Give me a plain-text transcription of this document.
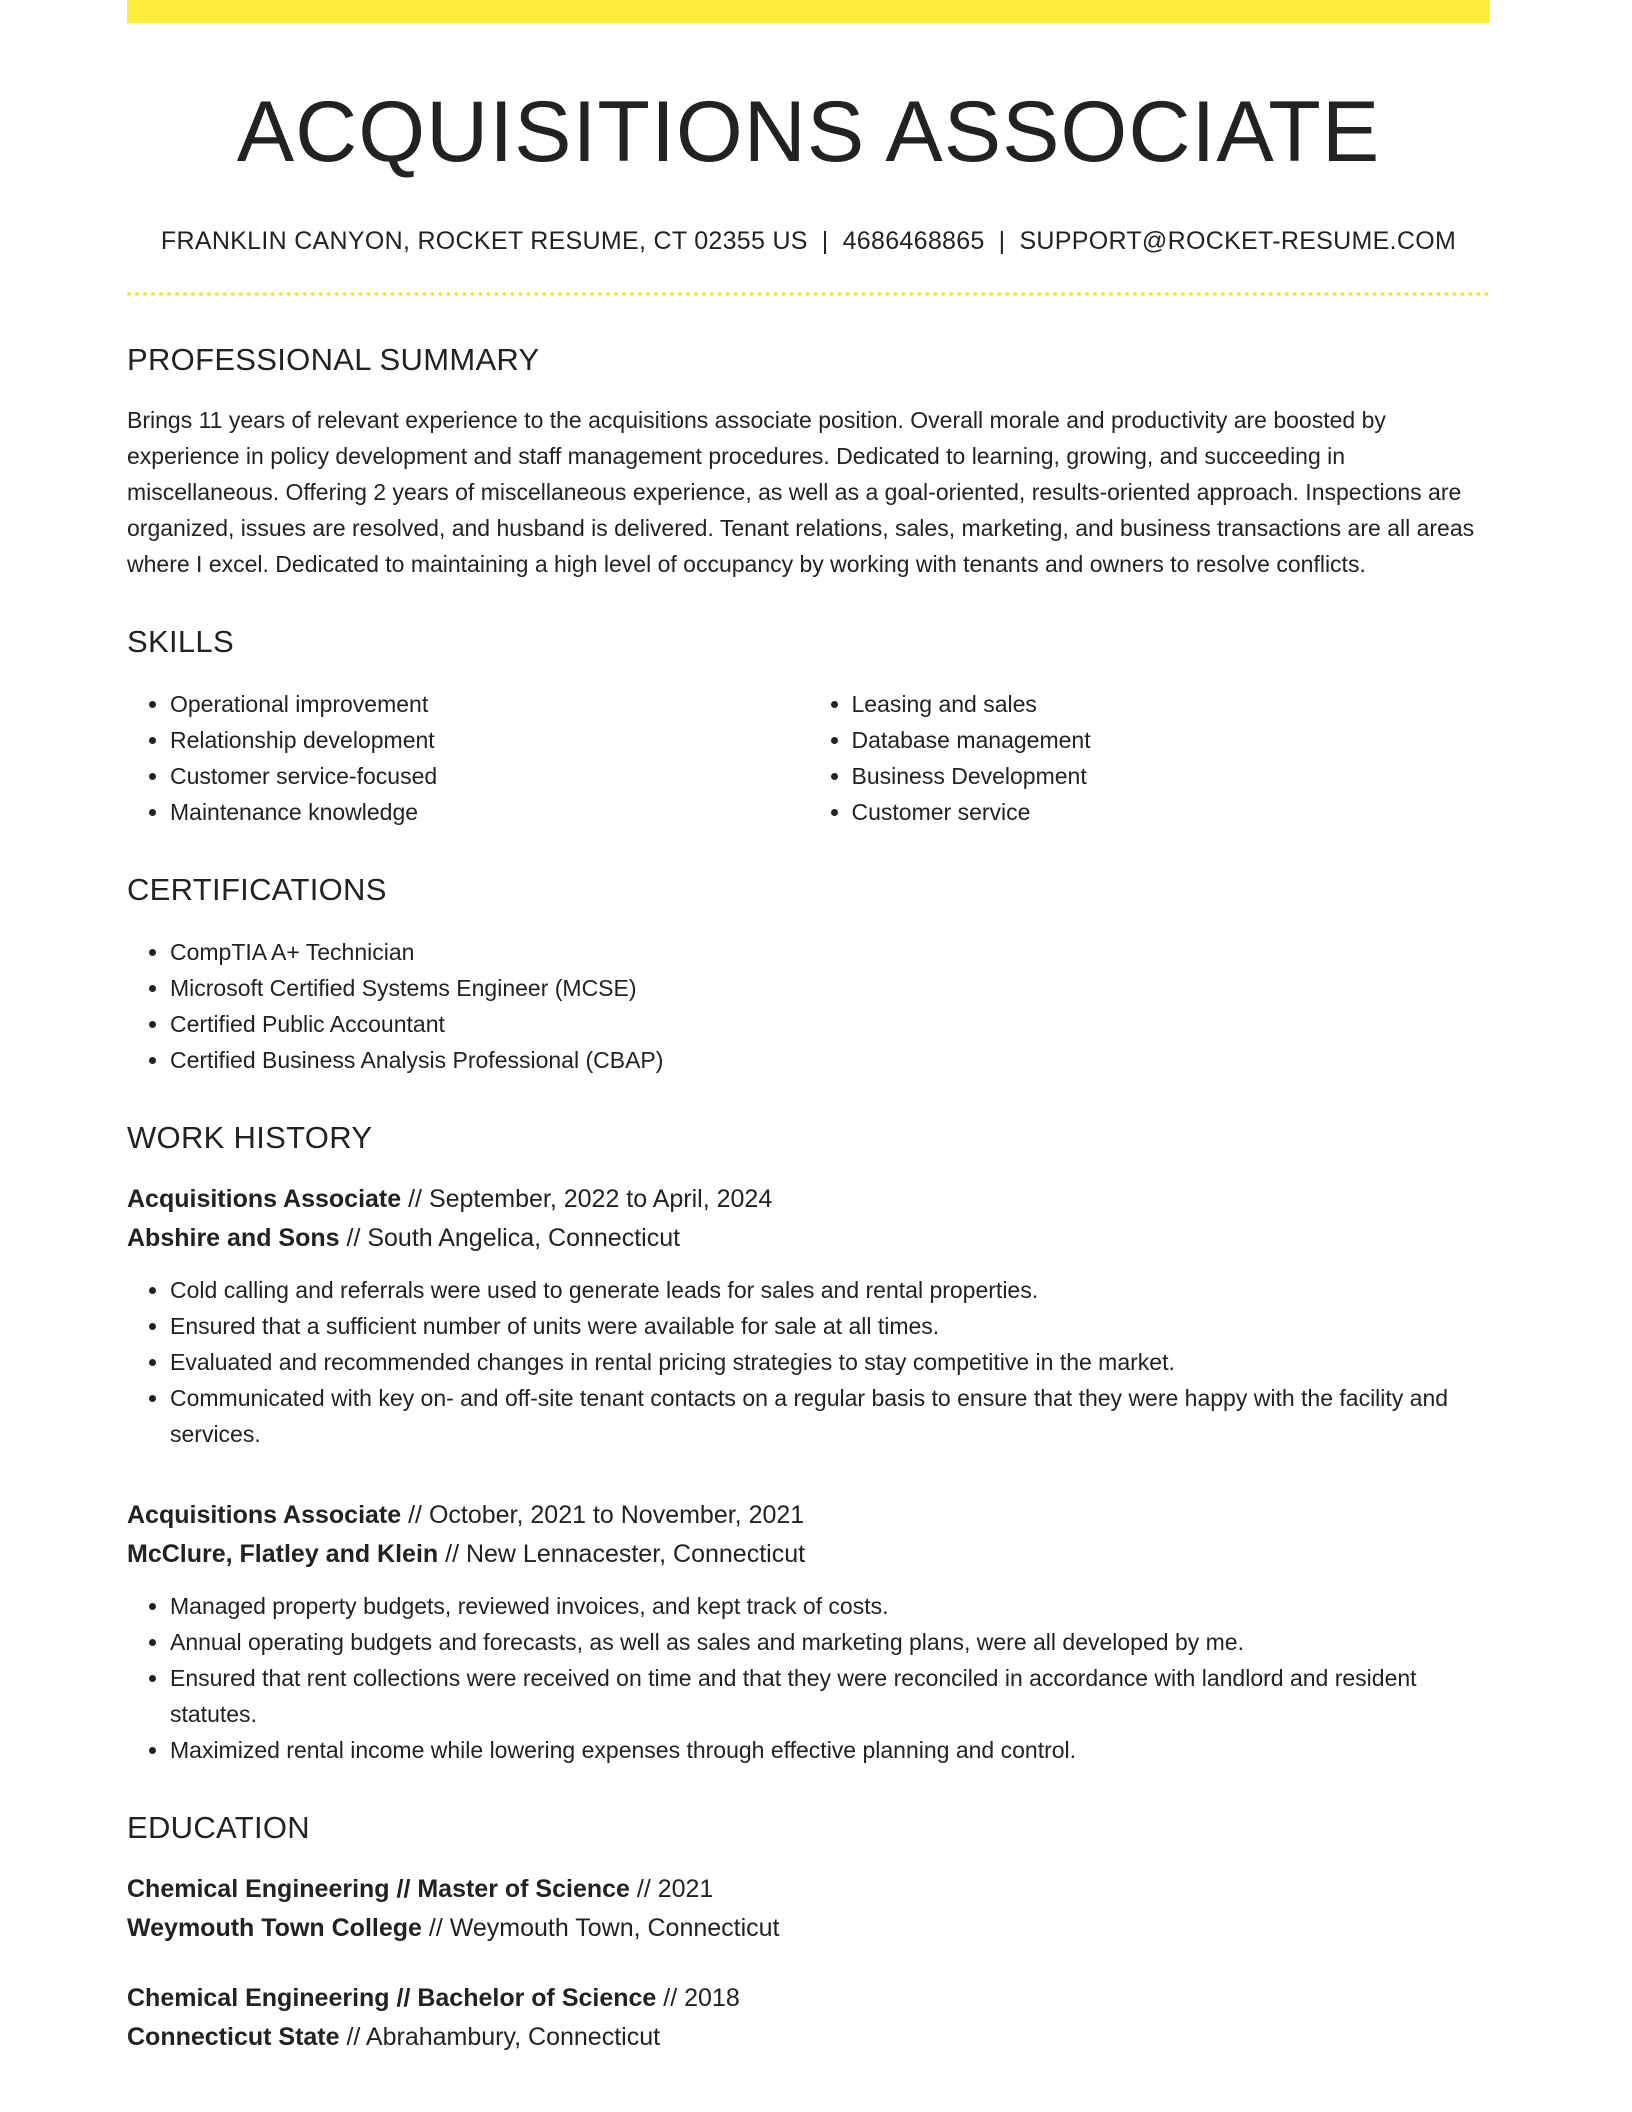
ACQUISITIONS ASSOCIATE
FRANKLIN CANYON, ROCKET RESUME, CT 02355 US | 4686468865 | SUPPORT@ROCKET-RESUME.COM
PROFESSIONAL SUMMARY

Brings 11 years of relevant experience to the acquisitions associate position. Overall morale and productivity are boosted by experience in policy development and staff management procedures. Dedicated to learning, growing, and succeeding in miscellaneous. Offering 2 years of miscellaneous experience, as well as a goal-oriented, results-oriented approach. Inspections are organized, issues are resolved, and husband is delivered. Tenant relations, sales, marketing, and business transactions are all areas where I excel. Dedicated to maintaining a high level of occupancy by working with tenants and owners to resolve conflicts.

SKILLS
• Operational improvement
• Relationship development
• Customer service-focused
• Maintenance knowledge
• Leasing and sales
• Database management
• Business Development
• Customer service
CERTIFICATIONS
• CompTIA A+ Technician
• Microsoft Certified Systems Engineer (MCSE)
• Certified Public Accountant
• Certified Business Analysis Professional (CBAP)
WORK HISTORY
Acquisitions Associate // September, 2022 to April, 2024
Abshire and Sons // South Angelica, Connecticut
• Cold calling and referrals were used to generate leads for sales and rental properties.
• Ensured that a sufficient number of units were available for sale at all times.
• Evaluated and recommended changes in rental pricing strategies to stay competitive in the market.
• Communicated with key on- and off-site tenant contacts on a regular basis to ensure that they were happy with the facility and services.
Acquisitions Associate // October, 2021 to November, 2021
McClure, Flatley and Klein // New Lennacester, Connecticut
• Managed property budgets, reviewed invoices, and kept track of costs.
• Annual operating budgets and forecasts, as well as sales and marketing plans, were all developed by me.
• Ensured that rent collections were received on time and that they were reconciled in accordance with landlord and resident statutes.
• Maximized rental income while lowering expenses through effective planning and control.
EDUCATION
Chemical Engineering // Master of Science // 2021
Weymouth Town College // Weymouth Town, Connecticut
Chemical Engineering // Bachelor of Science // 2018
Connecticut State // Abrahambury, Connecticut
